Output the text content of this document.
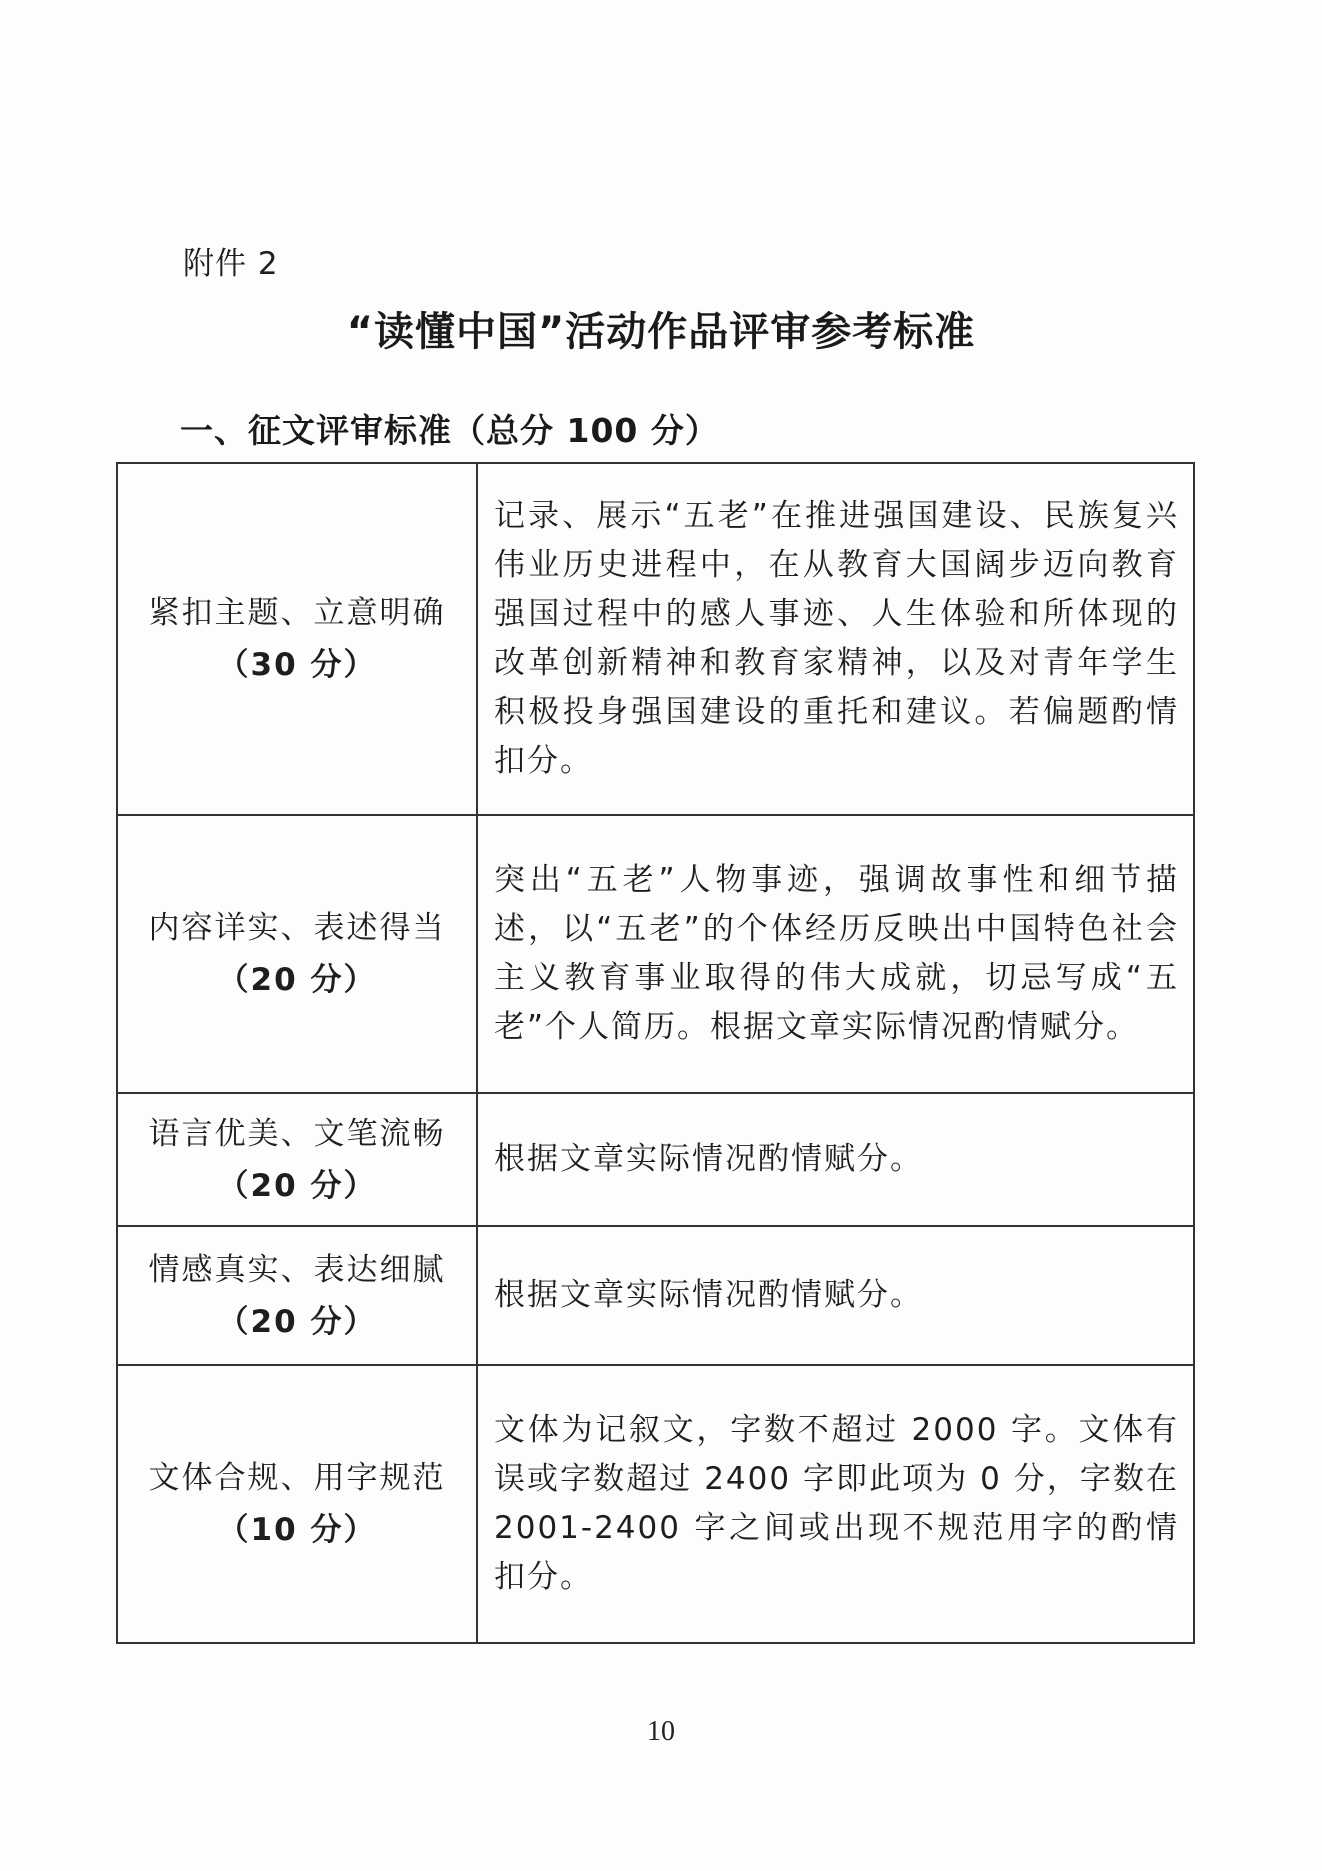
附件 2
“读懂中国”活动作品评审参考标准
一、征文评审标准（总分 100 分）
紧扣主题、立意明确
（30 分）	记录、展示“五老”在推进强国建设、民族复兴伟业历史进程中，在从教育大国阔步迈向教育强国过程中的感人事迹、人生体验和所体现的改革创新精神和教育家精神，以及对青年学生积极投身强国建设的重托和建议。若偏题酌情扣分。

内容详实、表述得当
（20 分）	突出“五老”人物事迹，强调故事性和细节描述，以“五老”的个体经历反映出中国特色社会主义教育事业取得的伟大成就，切忌写成“五老”个人简历。根据文章实际情况酌情赋分。

语言优美、文笔流畅
（20 分）	根据文章实际情况酌情赋分。

情感真实、表达细腻
（20 分）	根据文章实际情况酌情赋分。

文体合规、用字规范
（10 分）	文体为记叙文，字数不超过 2000 字。文体有误或字数超过 2400 字即此项为 0 分，字数在 2001-2400 字之间或出现不规范用字的酌情扣分。
10
